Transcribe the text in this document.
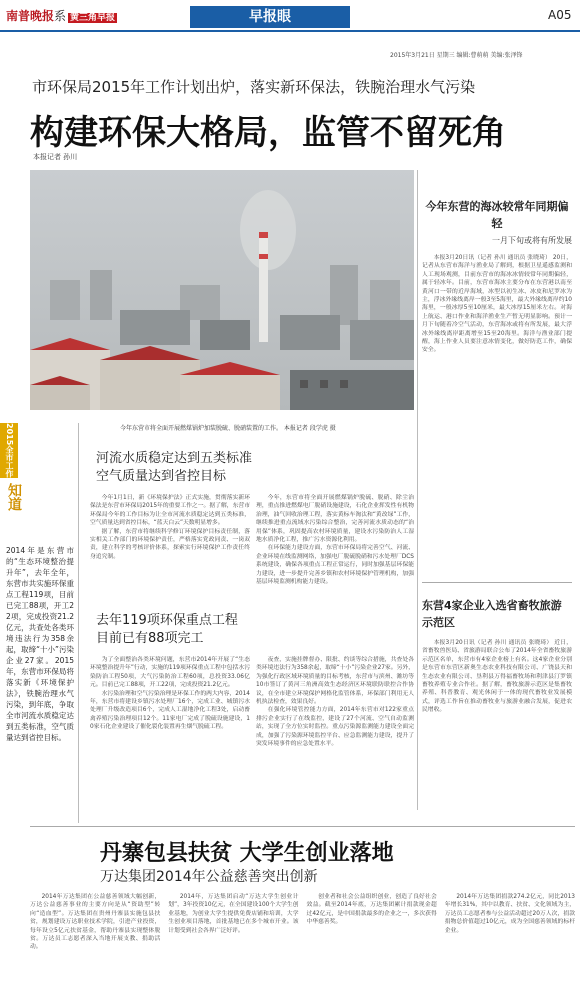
南普晚报系 黄三角早报	早报眼	A05
2015年3月21日 星期三 编辑:曹萌萌 美编:张泽锋
市环保局2015年工作计划出炉，落实新环保法，铁腕治理水气污染
构建环保大格局，监管不留死角
本报记者 孙川
今年东营市将全面开展燃煤锅炉加装脱硫、脱硝装置的工作。 本报记者 段学虎 摄
2015全市工作
知道
2014年是东营市的“生态环境整治提升年”，去年全年，东营市共实施环保重点工程119项，目前已完工88项，开工22项，完成投资21.2亿元，共查处各类环境违法行为358余起，取缔“十小”污染企业27家。2015年，东营市环保局将落实新《环境保护法》，铁腕治理水气污染，到年底，争取全市河流水质稳定达到五类标准，空气质量达到省控目标。
河流水质稳定达到五类标准
空气质量达到省控目标

今年1月1日，新《环境保护法》正式实施，贯彻落实新环保法是东营市环保局2015年的重要工作之一。据了解，东营市环保局今年的工作目标为让全市河流水质稳定达到五类标准，空气质量达到省控目标，“蓝天白云”天数明显增多。

据了解，东营市将继续科学修订环境保护目标责任制，落实相关工作部门的环境保护责任，严格落实党政同责、一岗双责，建立科学的考核评价体系，探索实行环境保护工作责任终身追究制。

今年，东营市将全面开展燃煤锅炉脱硫、脱硝、除尘治理，重点推进燃煤电厂脱硝设施建设，石化企业挥发性有机物治理，油气回收治理工程，落实黄标车淘汰和“黄改绿”工作，继续推进重点流域水污染综合整治，完善河流水质动态的“治用保”体系，巩固提高农村环境质量，建设水污染防治人工湿地水质净化工程，推广污水资源化利用。

在环保能力建设方面，东营市环保局将完善空气、河流、企业环境在线监测网络，加强电厂脱硫脱硝和污水处理厂DCS系统建设，确保各项重点工程正常运行，同时加强基层环保能力建设，进一步提升完善乡镇和农村环境保护管理机构，加强基层环境监测机构能力建设。

去年119项环保重点工程
目前已有88项完工

为了全面整治各类环境问题，东营市2014年开展了“生态环境整治提升年”行动，实施的119项环保重点工程中包括水污染防治工程50项，大气污染防治工程60项，总投资33.06亿元。目前已完工88项，开工22项，完成投资21.2亿元。

水污染治理和空气污染治理是环保工作的两大内容，2014年，东营市将建设乡镇污水处理厂16个，完成工业、城镇污水处理厂升级改造项目6个，完成人工湿地净化工程3处，启动畜禽养殖污染治理项目12个。11家电厂完成了脱硫设施建设，10家石化企业建设了催化裂化装置再生烟气脱硫工程。

夜查，实施挂牌督办、限批、约谈等综合措施，共查处各类环境违法行为358余起，取缔“十小”污染企业27家。另外，为强化行政区域环境质量的目标考核，东营市与滨州、潍坊等10市签订了黄河三角洲高效生态经济区环境联防联控合作协议，在全市建立环境保护网格化监管体系，环保部门利用无人机执法检查，效果良好。

在强化环境管控能力方面，2014年东营市对122家重点排污企业实行了在线监控，建设了27个河流、空气自动监测站，实现了全方位实时监控。重点污染源监测能力建设全面完成，加强了污染源环境监控平台、应急监测能力建设，提升了突发环境事件的应急处置水平。

今年东营的海冰较常年同期偏轻
一月下旬或将有所发展

本报3月20日讯（记者 孙川 通讯员 张晓琦） 20日，记者从东营市海洋与渔业局了解到，根据卫星遥感监测和人工现场观测，目前东营市的海冰冰情较常年同期偏轻，属于轻冰年。目前，东营市海冰主要分布在东营港以南至黄河口一带的近岸海域，冰型以初生冰、冰皮和尼罗冰为主，浮冰外缘线离岸一般3至5海里，最大外缘线离岸约10海里，一般冰厚5至10厘米，最大冰厚15厘米左右。对海上航运、港口作业和海洋渔业生产暂无明显影响。预计一月下旬随着冷空气活动，东营海冰或将有所发展，最大浮冰外缘线离岸距离增至15至20海里。海洋与渔业部门提醒，海上作业人员要注意冰情变化，做好防范工作，确保安全。

东营4家企业入选省畜牧旅游示范区

本报3月20日讯（记者 孙川 通讯员 张晓琦） 近日，省畜牧兽医局、省旅游局联合公布了2014年全省畜牧旅游示范区名单，东营市有4家企业榜上有名。这4家企业分别是东营市东营区新奥生态农业科技有限公司、广饶县天和生态农业有限公司、垦利县万得福畜牧场和利津县汀罗镇畜牧养殖专业合作社。据了解，畜牧旅游示范区是集畜牧养殖、科普教育、观光休闲于一体的现代畜牧业发展模式，评选工作旨在推动畜牧业与旅游业融合发展，促进农民增收。

丹寨包县扶贫 大学生创业落地
万达集团2014年公益慈善突出创新

2014年万达集团在公益慈善领域大幅创新，万达公益慈善事业的主要方向是从“资助型”转向“造血型”。万达集团在贵州丹寨县实施包县扶贫，规划建设万达职业技术学院，引进产业投资，每年设立5亿元扶贫基金，帮助丹寨县实现整体脱贫。万达员工志愿者深入当地开展支教、捐助活动。

2014年，万达集团启动“万达大学生创业计划”，3年投资10亿元，在全国建设100个大学生创业基地，为创业大学生提供免费店铺和培训，大学生创业项目落地，首批基地已在多个城市开业。该计划受到社会各界广泛好评。

创业者和社会公益组织创业，创造了良好社会效益。截至2014年底，万达集团累计捐款现金超过42亿元，是中国捐款最多的企业之一，多次获得中华慈善奖。

2014年万达集团捐款274.2亿元，同比2013年增长31%，其中以教育、扶贫、文化领域为主，万达员工志愿者参与公益活动超过20万人次，捐款捐物总价值超过10亿元，成为全国慈善领域的标杆企业。
